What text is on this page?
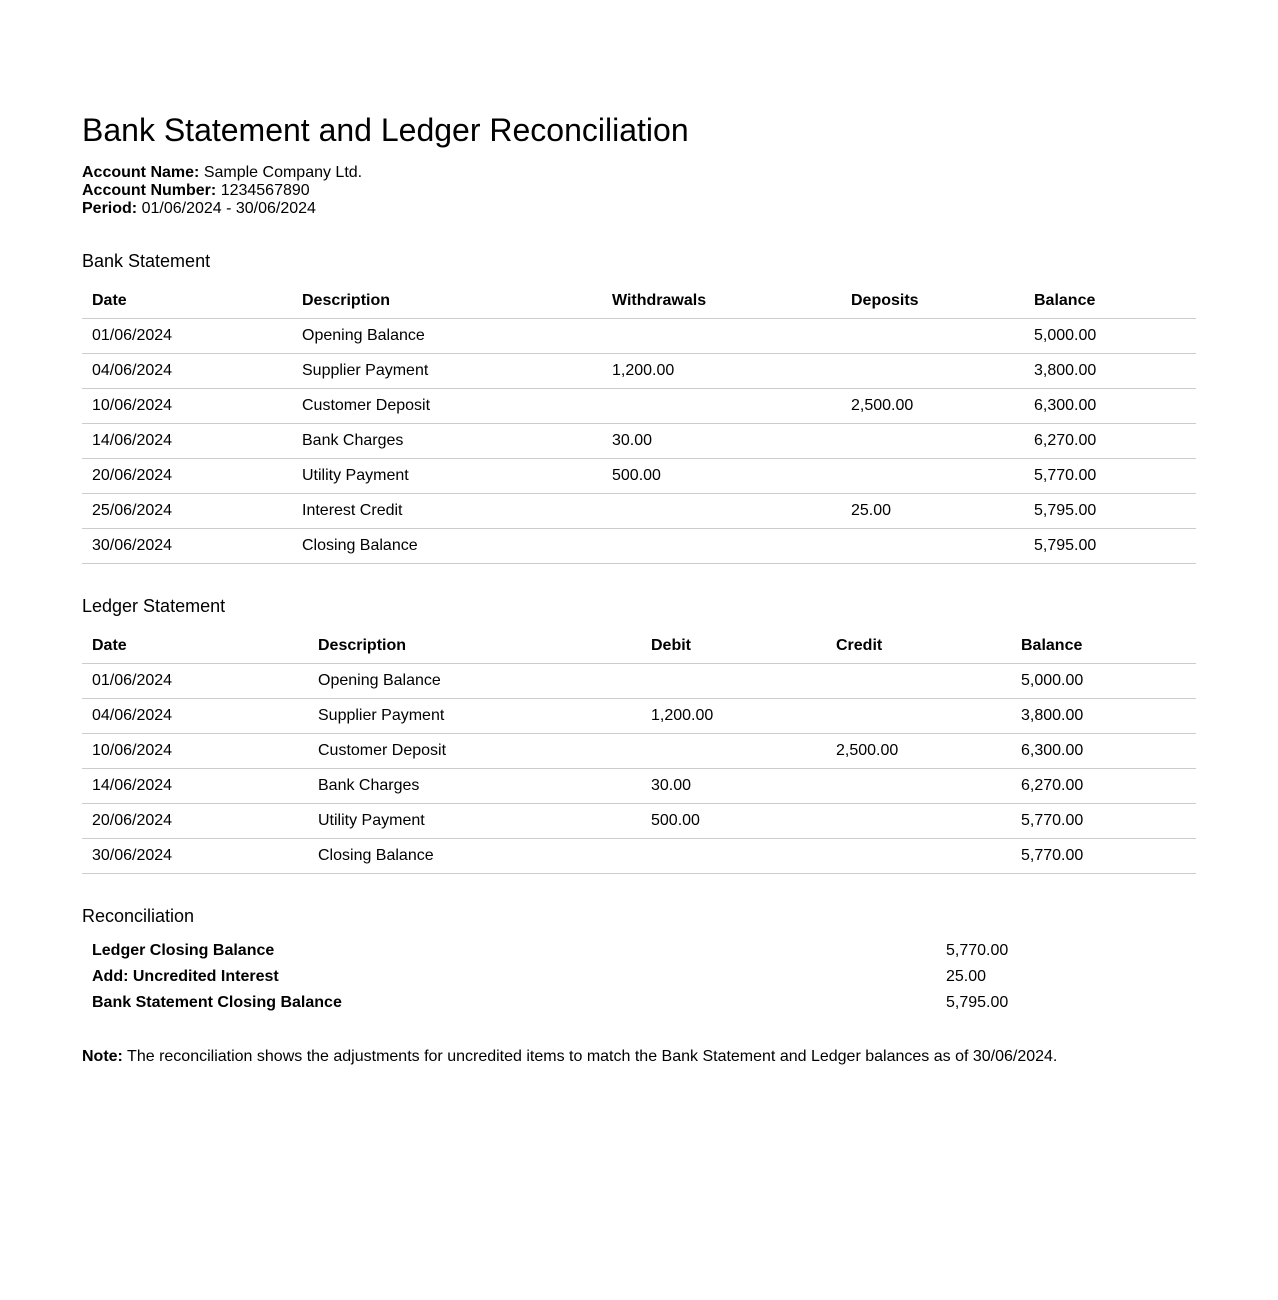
Bank Statement and Ledger Reconciliation
Account Name: Sample Company Ltd.
Account Number: 1234567890
Period: 01/06/2024 - 30/06/2024
Bank Statement
Date	Description	Withdrawals	Deposits	Balance
01/06/2024	Opening Balance			5,000.00
04/06/2024	Supplier Payment	1,200.00		3,800.00
10/06/2024	Customer Deposit		2,500.00	6,300.00
14/06/2024	Bank Charges	30.00		6,270.00
20/06/2024	Utility Payment	500.00		5,770.00
25/06/2024	Interest Credit		25.00	5,795.00
30/06/2024	Closing Balance			5,795.00
Ledger Statement
Date	Description	Debit	Credit	Balance
01/06/2024	Opening Balance			5,000.00
04/06/2024	Supplier Payment	1,200.00		3,800.00
10/06/2024	Customer Deposit		2,500.00	6,300.00
14/06/2024	Bank Charges	30.00		6,270.00
20/06/2024	Utility Payment	500.00		5,770.00
30/06/2024	Closing Balance			5,770.00
Reconciliation
Ledger Closing Balance	5,770.00
Add: Uncredited Interest	25.00
Bank Statement Closing Balance	5,795.00

Note: The reconciliation shows the adjustments for uncredited items to match the Bank Statement and Ledger balances as of 30/06/2024.
